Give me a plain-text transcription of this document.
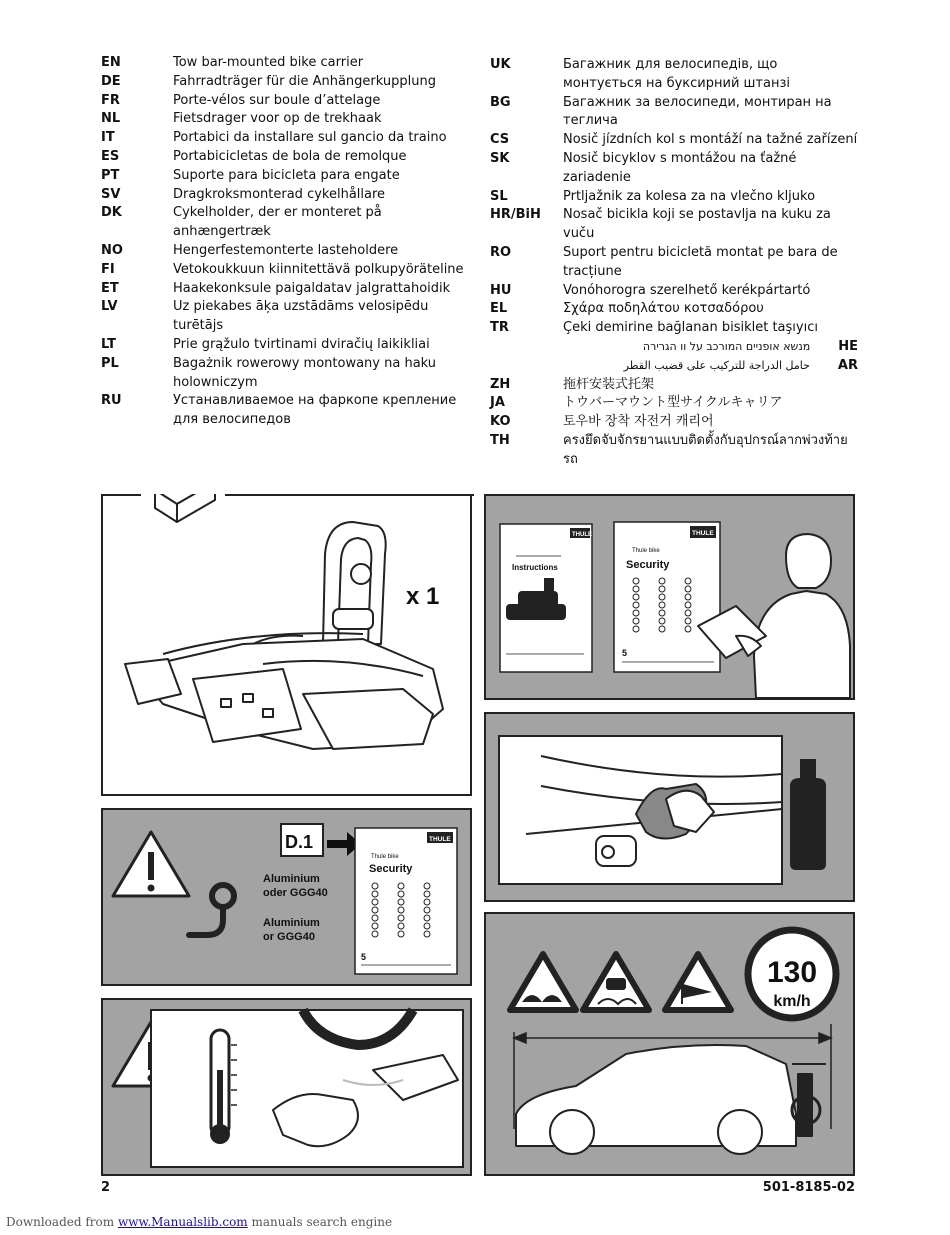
EN	Tow bar-mounted bike carrier
DE	Fahrradträger für die Anhängerkupplung
FR	Porte-vélos sur boule d’attelage
NL	Fietsdrager voor op de trekhaak
IT	Portabici da installare sul gancio da traino
ES	Portabicicletas de bola de remolque
PT	Suporte para bicicleta para engate
SV	Dragkroksmonterad cykelhållare
DK	Cykelholder, der er monteret på anhængertræk
NO	Hengerfestemonterte lasteholdere
FI	Vetokoukkuun kiinnitettävä polkupyöräteline
ET	Haakekonksule paigaldatav jalgrattahoidik
LV	Uz piekabes āķa uzstādāms velosipēdu turētājs
LT	Prie grąžulo tvirtinami dviračių laikikliai
PL	Bagażnik rowerowy montowany na haku holowniczym
RU	Устанавливаемое на фаркопе крепление для велосипедов
UK	Багажник для велосипедів, що монтується на буксирний штанзі
BG	Багажник за велосипеди, монтиран на теглича
CS	Nosič jízdních kol s montáží na tažné zařízení
SK	Nosič bicyklov s montážou na ťažné zariadenie
SL	Prtljažnik za kolesa za na vlečno kljuko
HR/BiH	Nosač bicikla koji se postavlja na kuku za vuču
RO	Suport pentru bicicletă montat pe bara de tracțiune
HU	Vonóhorogra szerelhető kerékpártartó
EL	Σχάρα ποδηλάτου κοτσαδόρου
TR	Çeki demirine bağlanan bisiklet taşıyıcı
מנשא אופניים המורכב על וו הגרירה HE
حامل الدراجة للتركيب على قضيب القطر AR
ZH	拖杆安装式托架
JA	トウバーマウント型サイクルキャリア
KO	토우바 장착 자전거 캐리어
TH	ครงยึดจับจักรยานแบบติดตั้งกับอุปกรณ์ลากพ่วงท้ายรถ
x 1
THULE
Instructions
THULE
Thule bike
Security
5
D.1
Aluminium
oder GGG40
Aluminium
or GGG40
THULE
Thule bike
Security
5	130
km/h
2	501-8185-02
Downloaded from www.Manualslib.com manuals search engine
